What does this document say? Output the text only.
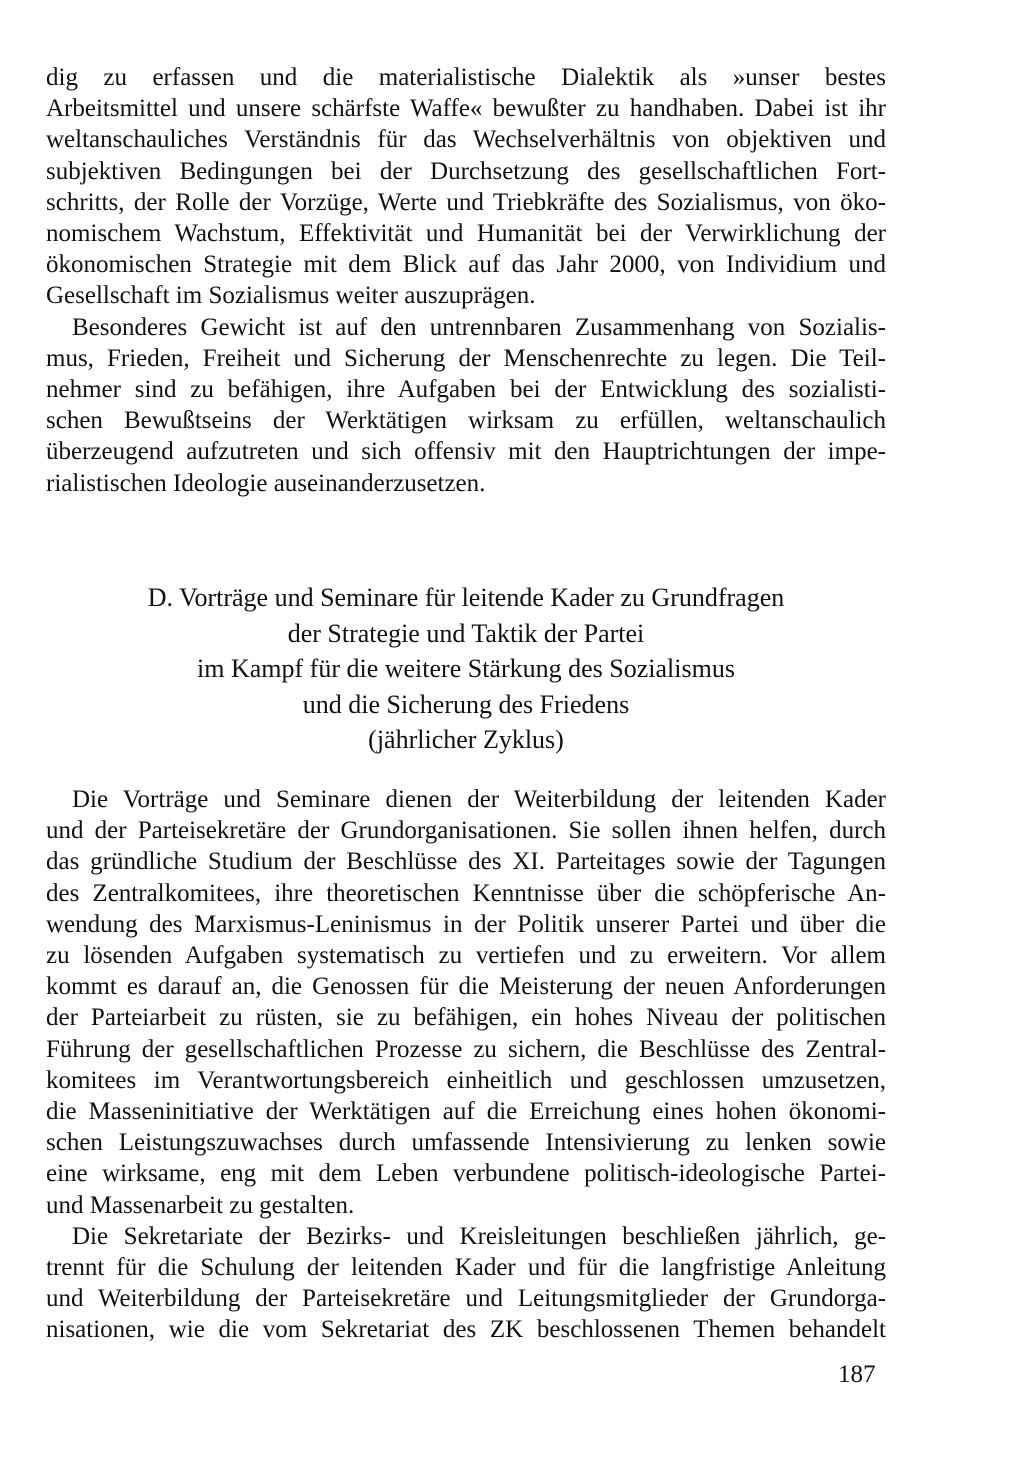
dig zu erfassen und die materialistische Dialektik als »unser bestes
Arbeitsmittel und unsere schärfste Waffe« bewußter zu handhaben. Dabei ist ihr
weltanschauliches Verständnis für das Wechselverhältnis von objektiven und
subjektiven Bedingungen bei der Durchsetzung des gesellschaftlichen Fort-
schritts, der Rolle der Vorzüge, Werte und Triebkräfte des Sozialismus, von öko-
nomischem Wachstum, Effektivität und Humanität bei der Verwirklichung der
ökonomischen Strategie mit dem Blick auf das Jahr 2000, von Individium und
Gesellschaft im Sozialismus weiter auszuprägen.

Besonderes Gewicht ist auf den untrennbaren Zusammenhang von Sozialis-
mus, Frieden, Freiheit und Sicherung der Menschenrechte zu legen. Die Teil-
nehmer sind zu befähigen, ihre Aufgaben bei der Entwicklung des sozialisti-
schen Bewußtseins der Werktätigen wirksam zu erfüllen, weltanschaulich
überzeugend aufzutreten und sich offensiv mit den Hauptrichtungen der impe-
rialistischen Ideologie auseinanderzusetzen.

D. Vorträge und Seminare für leitende Kader zu Grundfragen
der Strategie und Taktik der Partei
im Kampf für die weitere Stärkung des Sozialismus
und die Sicherung des Friedens
(jährlicher Zyklus)

Die Vorträge und Seminare dienen der Weiterbildung der leitenden Kader
und der Parteisekretäre der Grundorganisationen. Sie sollen ihnen helfen, durch
das gründliche Studium der Beschlüsse des XI. Parteitages sowie der Tagungen
des Zentralkomitees, ihre theoretischen Kenntnisse über die schöpferische An-
wendung des Marxismus-Leninismus in der Politik unserer Partei und über die
zu lösenden Aufgaben systematisch zu vertiefen und zu erweitern. Vor allem
kommt es darauf an, die Genossen für die Meisterung der neuen Anforderungen
der Parteiarbeit zu rüsten, sie zu befähigen, ein hohes Niveau der politischen
Führung der gesellschaftlichen Prozesse zu sichern, die Beschlüsse des Zentral-
komitees im Verantwortungsbereich einheitlich und geschlossen umzusetzen,
die Masseninitiative der Werktätigen auf die Erreichung eines hohen ökonomi-
schen Leistungszuwachses durch umfassende Intensivierung zu lenken sowie
eine wirksame, eng mit dem Leben verbundene politisch-ideologische Partei-
und Massenarbeit zu gestalten.

Die Sekretariate der Bezirks- und Kreisleitungen beschließen jährlich, ge-
trennt für die Schulung der leitenden Kader und für die langfristige Anleitung
und Weiterbildung der Parteisekretäre und Leitungsmitglieder der Grundorga-
nisationen, wie die vom Sekretariat des ZK beschlossenen Themen behandelt

187
